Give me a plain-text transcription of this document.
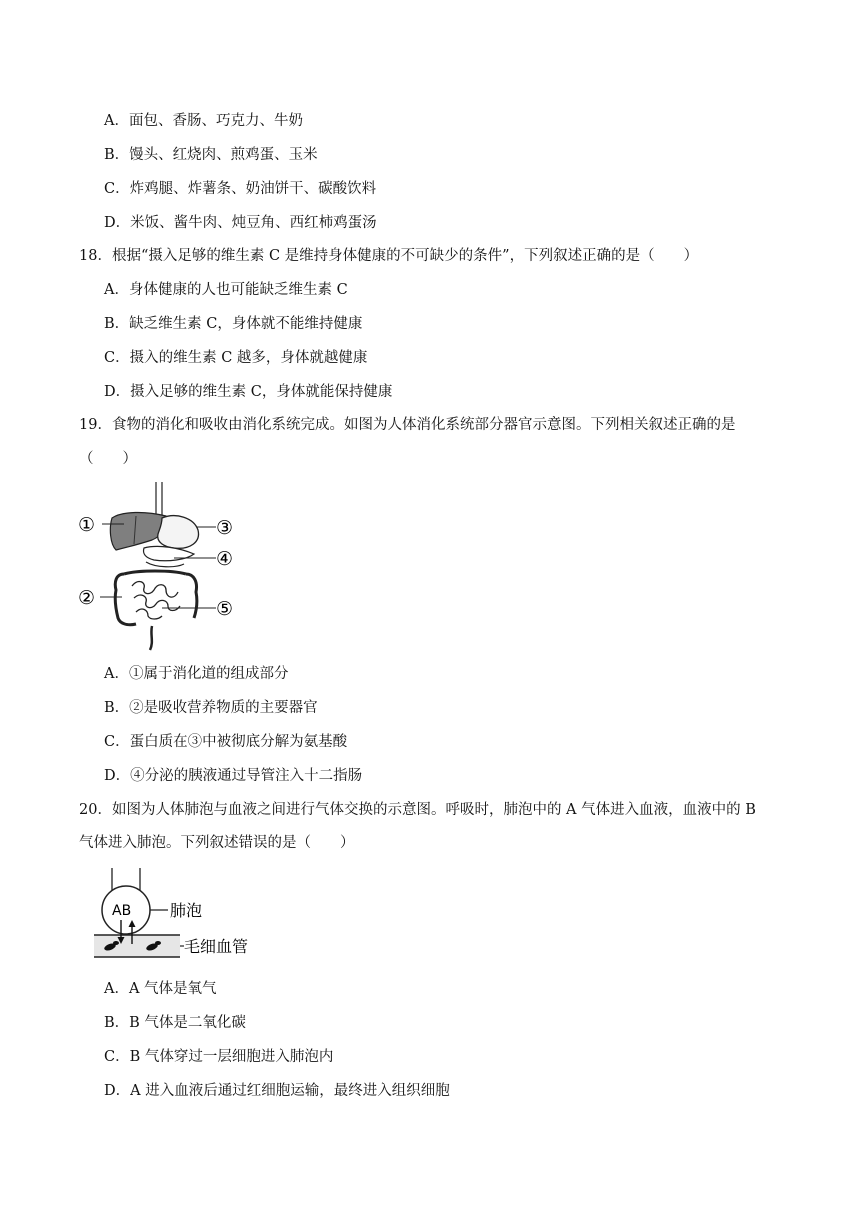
A．面包、香肠、巧克力、牛奶
B．馒头、红烧肉、煎鸡蛋、玉米
C．炸鸡腿、炸薯条、奶油饼干、碳酸饮料
D．米饭、酱牛肉、炖豆角、西红柿鸡蛋汤
18．根据“摄入足够的维生素 C 是维持身体健康的不可缺少的条件”，下列叙述正确的是（　　）
A．身体健康的人也可能缺乏维生素 C
B．缺乏维生素 C，身体就不能维持健康
C．摄入的维生素 C 越多，身体就越健康
D．摄入足够的维生素 C，身体就能保持健康
19．食物的消化和吸收由消化系统完成。如图为人体消化系统部分器官示意图。下列相关叙述正确的是
（　　）
①	③
④
②	⑤
A．①属于消化道的组成部分
B．②是吸收营养物质的主要器官
C．蛋白质在③中被彻底分解为氨基酸
D．④分泌的胰液通过导管注入十二指肠
20．如图为人体肺泡与血液之间进行气体交换的示意图。呼吸时，肺泡中的 A 气体进入血液，血液中的 B
气体进入肺泡。下列叙述错误的是（　　）
AB 肺泡
毛细血管
A．A 气体是氧气
B．B 气体是二氧化碳
C．B 气体穿过一层细胞进入肺泡内
D．A 进入血液后通过红细胞运输，最终进入组织细胞
